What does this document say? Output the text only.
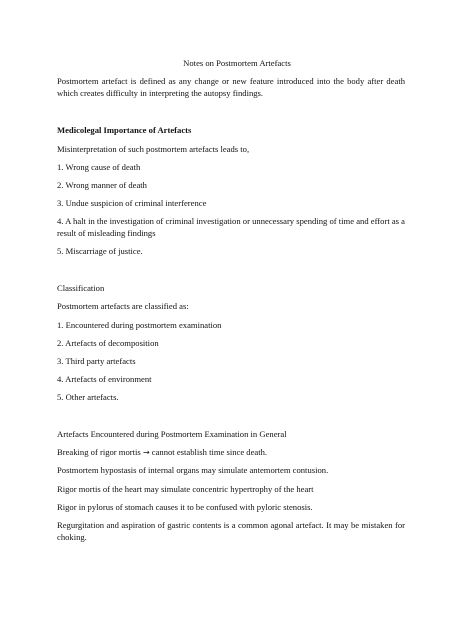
Notes on Postmortem Artefacts

Postmortem artefact is defined as any change or new feature introduced into the body after death which creates difficulty in interpreting the autopsy findings.

Medicolegal Importance of Artefacts

Misinterpretation of such postmortem artefacts leads to,

1. Wrong cause of death

2. Wrong manner of death

3. Undue suspicion of criminal interference

4. A halt in the investigation of criminal investigation or unnecessary spending of time and effort as a result of misleading findings

5. Miscarriage of justice.

Classification

Postmortem artefacts are classified as:

1. Encountered during postmortem examination

2. Artefacts of decomposition

3. Third party artefacts

4. Artefacts of environment

5. Other artefacts.

Artefacts Encountered during Postmortem Examination in General

Breaking of rigor mortis → cannot establish time since death.

Postmortem hypostasis of internal organs may simulate antemortem contusion.

Rigor mortis of the heart may simulate concentric hypertrophy of the heart

Rigor in pylorus of stomach causes it to be confused with pyloric stenosis.

Regurgitation and aspiration of gastric contents is a common agonal artefact. It may be mistaken for choking.
